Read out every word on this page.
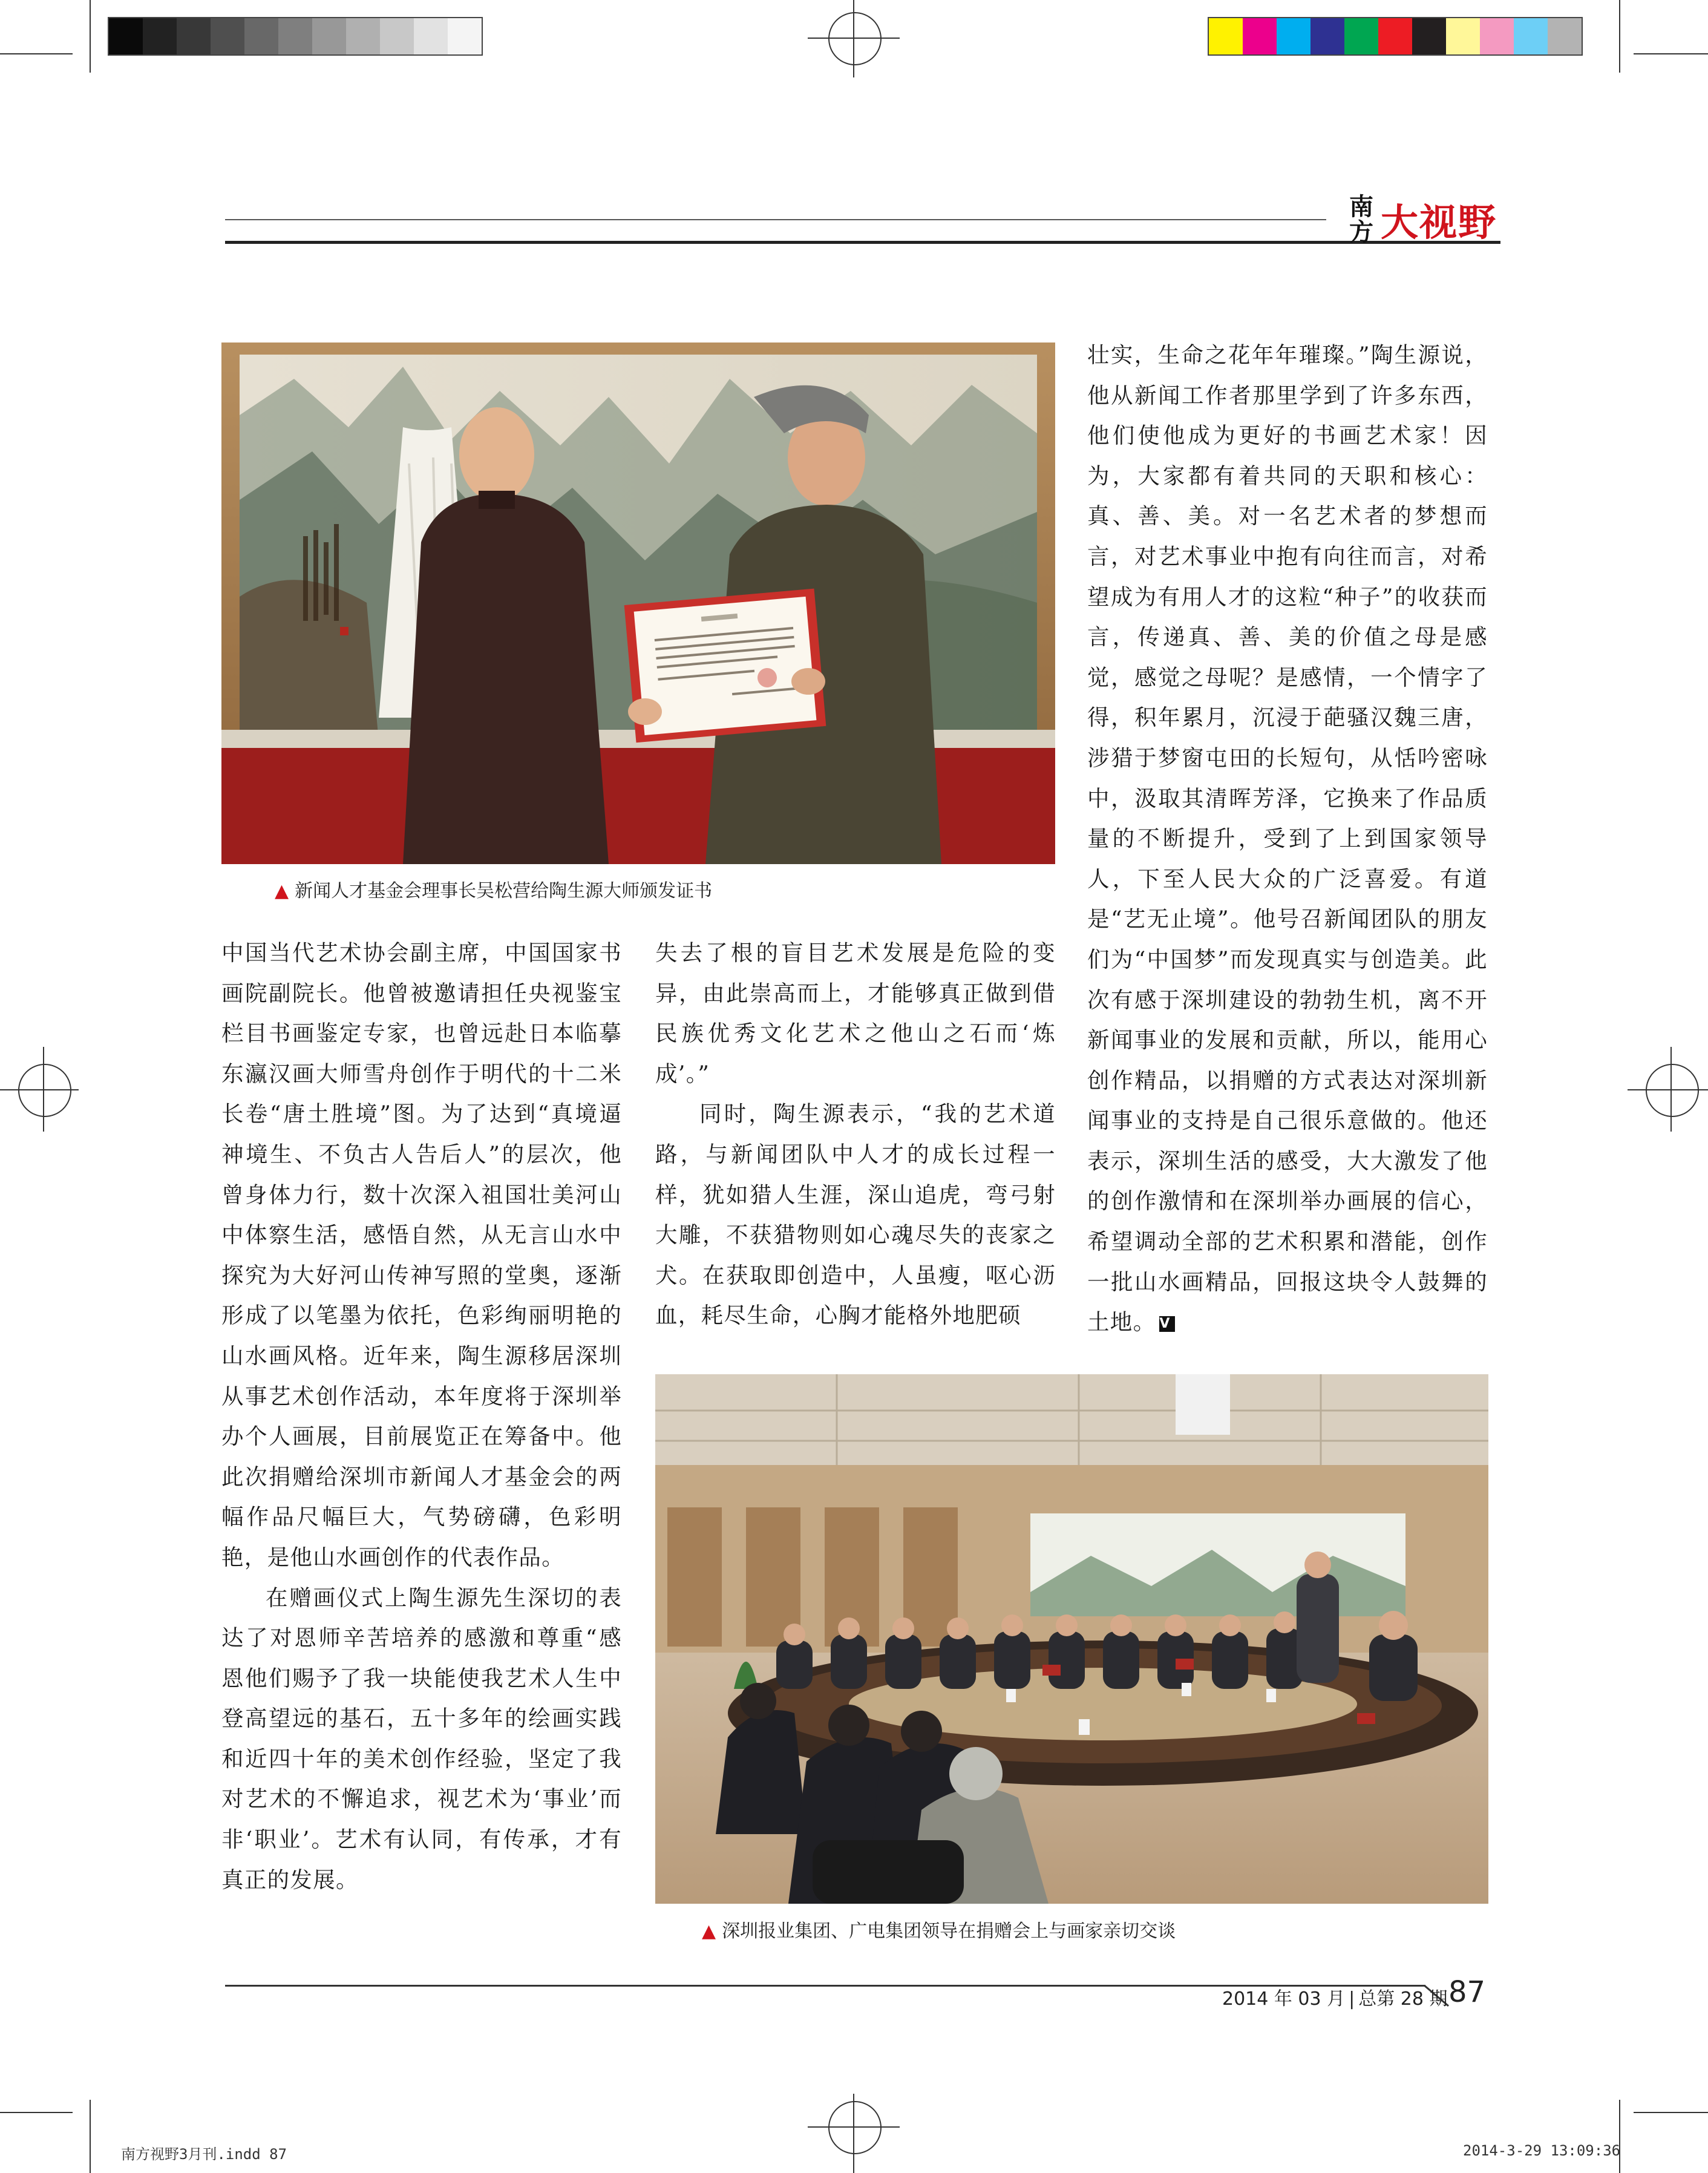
南方 大视野
▲ 新闻人才基金会理事长吴松营给陶生源大师颁发证书

中国当代艺术协会副主席，中国国家书画院副院长。他曾被邀请担任央视鉴宝栏目书画鉴定专家，也曾远赴日本临摹东瀛汉画大师雪舟创作于明代的十二米长卷“唐土胜境”图。为了达到“真境逼神境生、不负古人告后人”的层次，他曾身体力行，数十次深入祖国壮美河山中体察生活，感悟自然，从无言山水中探究为大好河山传神写照的堂奥，逐渐形成了以笔墨为依托，色彩绚丽明艳的山水画风格。近年来，陶生源移居深圳从事艺术创作活动，本年度将于深圳举办个人画展，目前展览正在筹备中。他此次捐赠给深圳市新闻人才基金会的两幅作品尺幅巨大，气势磅礴，色彩明艳，是他山水画创作的代表作品。

在赠画仪式上陶生源先生深切的表达了对恩师辛苦培养的感激和尊重“感恩他们赐予了我一块能使我艺术人生中登高望远的基石，五十多年的绘画实践和近四十年的美术创作经验，坚定了我对艺术的不懈追求，视艺术为‘事业’而非‘职业’。艺术有认同，有传承，才有真正的发展。

失去了根的盲目艺术发展是危险的变异，由此崇高而上，才能够真正做到借民族优秀文化艺术之他山之石而‘炼成’。”

同时，陶生源表示，“我的艺术道路，与新闻团队中人才的成长过程一样，犹如猎人生涯，深山追虎，弯弓射大雕，不获猎物则如心魂尽失的丧家之犬。在获取即创造中，人虽瘦，呕心沥血，耗尽生命，心胸才能格外地肥硕

壮实，生命之花年年璀璨。”陶生源说，他从新闻工作者那里学到了许多东西，他们使他成为更好的书画艺术家！因为，大家都有着共同的天职和核心：真、善、美。对一名艺术者的梦想而言，对艺术事业中抱有向往而言，对希望成为有用人才的这粒“种子”的收获而言，传递真、善、美的价值之母是感觉，感觉之母呢？是感情，一个情字了得，积年累月，沉浸于葩骚汉魏三唐，涉猎于梦窗屯田的长短句，从恬吟密咏中，汲取其清晖芳泽，它换来了作品质量的不断提升，受到了上到国家领导人，下至人民大众的广泛喜爱。有道是“艺无止境”。他号召新闻团队的朋友们为“中国梦”而发现真实与创造美。此次有感于深圳建设的勃勃生机，离不开新闻事业的发展和贡献，所以，能用心创作精品，以捐赠的方式表达对深圳新闻事业的支持是自己很乐意做的。他还表示，深圳生活的感受，大大激发了他的创作激情和在深圳举办画展的信心，希望调动全部的艺术积累和潜能，创作一批山水画精品，回报这块令人鼓舞的土地。 V

▲ 深圳报业集团、广电集团领导在捐赠会上与画家亲切交谈
2014 年 03 月 | 总第 28 期 87
南方视野3月刊.indd 87	2014-3-29 13:09:36
